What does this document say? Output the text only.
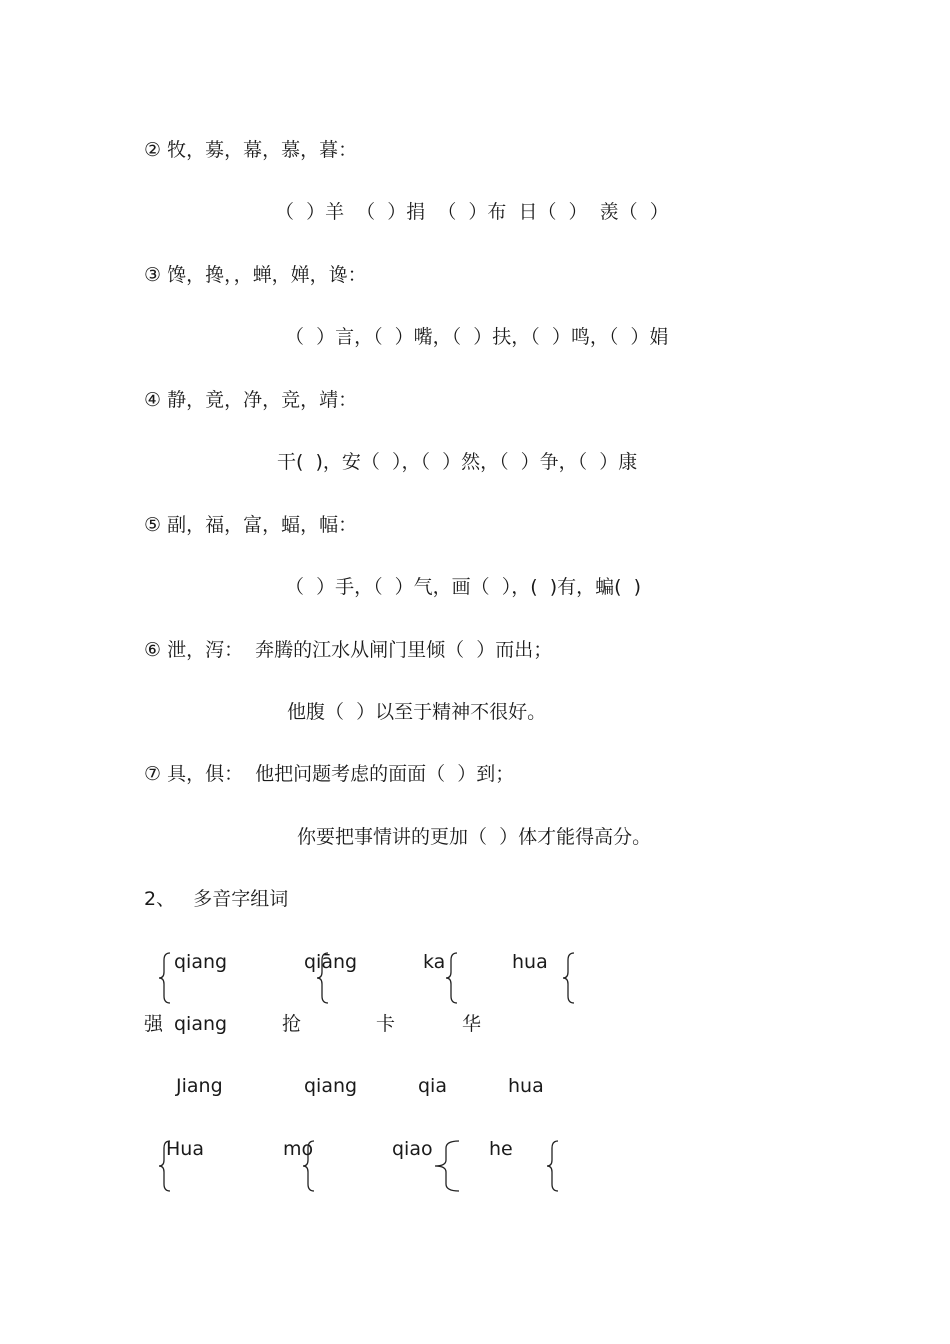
② 牧，募，幕，慕，暮：
（  ）羊  （  ）捐  （  ）布  日（  ）  羡（  ）
③ 馋，搀，，蝉，婵，谗：
（  ）言，（  ）嘴，（  ）扶，（  ）鸣，（  ）娟
④ 静，竟，净，竞，靖：
干(  )，安（  ），（  ）然，（  ）争，（  ）康
⑤ 副，福，富，蝠，幅：
（  ）手，（  ）气，画（  ），(  )有，蝙(  )
⑥ 泄，泻：  奔腾的江水从闸门里倾（  ）而出；
他腹（  ）以至于精神不很好。
⑦ 具，俱：  他把问题考虑的面面（  ）到；
你要把事情讲的更加（  ）体才能得高分。
2、   多音字组词
qiang	qiāng	ka	hua
强 qiang	抢	卡	华
Jiang	qiang	qia	hua
Hua	mo	qiao	he
